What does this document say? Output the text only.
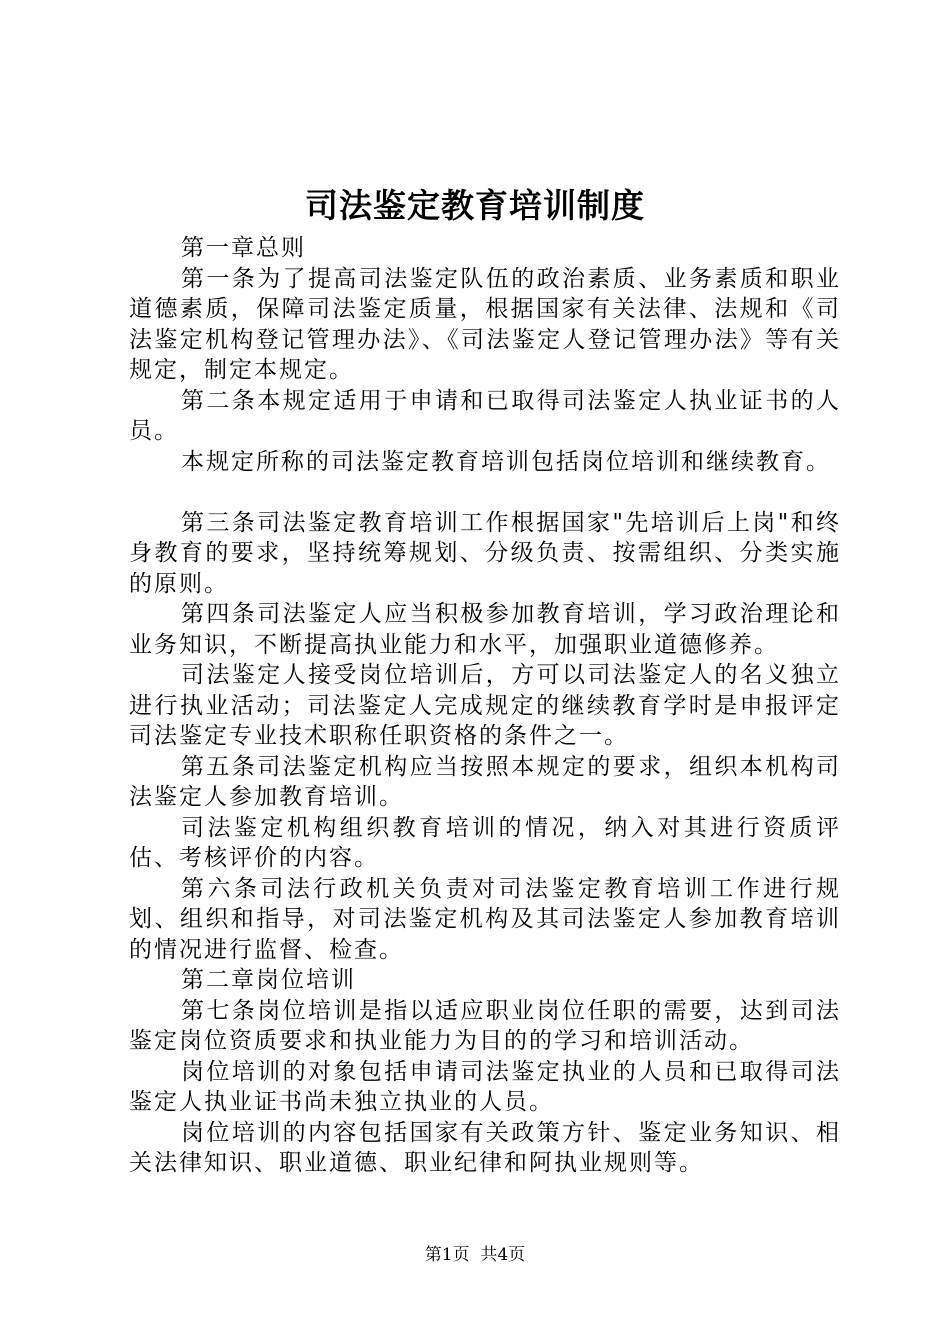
司法鉴定教育培训制度

第一章总则

第一条为了提高司法鉴定队伍的政治素质、业务素质和职业道德素质，保障司法鉴定质量，根据国家有关法律、法规和《司法鉴定机构登记管理办法》、《司法鉴定人登记管理办法》等有关规定，制定本规定。

第二条本规定适用于申请和已取得司法鉴定人执业证书的人员。

本规定所称的司法鉴定教育培训包括岗位培训和继续教育。

第三条司法鉴定教育培训工作根据国家"先培训后上岗"和终身教育的要求，坚持统筹规划、分级负责、按需组织、分类实施的原则。

第四条司法鉴定人应当积极参加教育培训，学习政治理论和业务知识，不断提高执业能力和水平，加强职业道德修养。

司法鉴定人接受岗位培训后，方可以司法鉴定人的名义独立进行执业活动；司法鉴定人完成规定的继续教育学时是申报评定司法鉴定专业技术职称任职资格的条件之一。

第五条司法鉴定机构应当按照本规定的要求，组织本机构司法鉴定人参加教育培训。

司法鉴定机构组织教育培训的情况，纳入对其进行资质评估、考核评价的内容。

第六条司法行政机关负责对司法鉴定教育培训工作进行规划、组织和指导，对司法鉴定机构及其司法鉴定人参加教育培训的情况进行监督、检查。

第二章岗位培训

第七条岗位培训是指以适应职业岗位任职的需要，达到司法鉴定岗位资质要求和执业能力为目的的学习和培训活动。

岗位培训的对象包括申请司法鉴定执业的人员和已取得司法鉴定人执业证书尚未独立执业的人员。

岗位培训的内容包括国家有关政策方针、鉴定业务知识、相关法律知识、职业道德、职业纪律和阿执业规则等。

第1页  共4页
